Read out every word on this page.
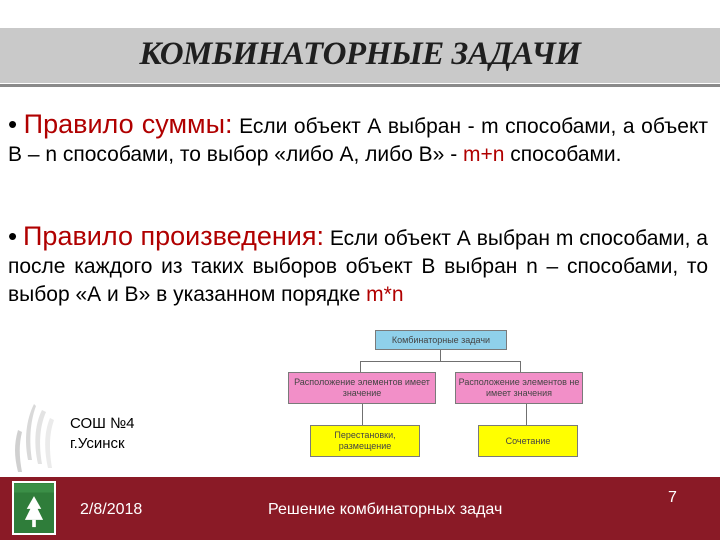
КОМБИНАТОРНЫЕ ЗАДАЧИ
• Правило суммы: Если объект А выбран - m способами, а объект В – n способами, то выбор «либо А, либо В» - m+n способами.
• Правило произведения: Если объект А выбран m способами, а после каждого из таких выборов объект В выбран n – способами, то выбор «А и В» в указанном порядке m*n
Комбинаторные задачи
Расположение элементов имеет значение
Расположение элементов не имеет значения
Перестановки, размещение
Сочетание
СОШ №4
г.Усинск
2/8/2018	Решение комбинаторных задач
7
